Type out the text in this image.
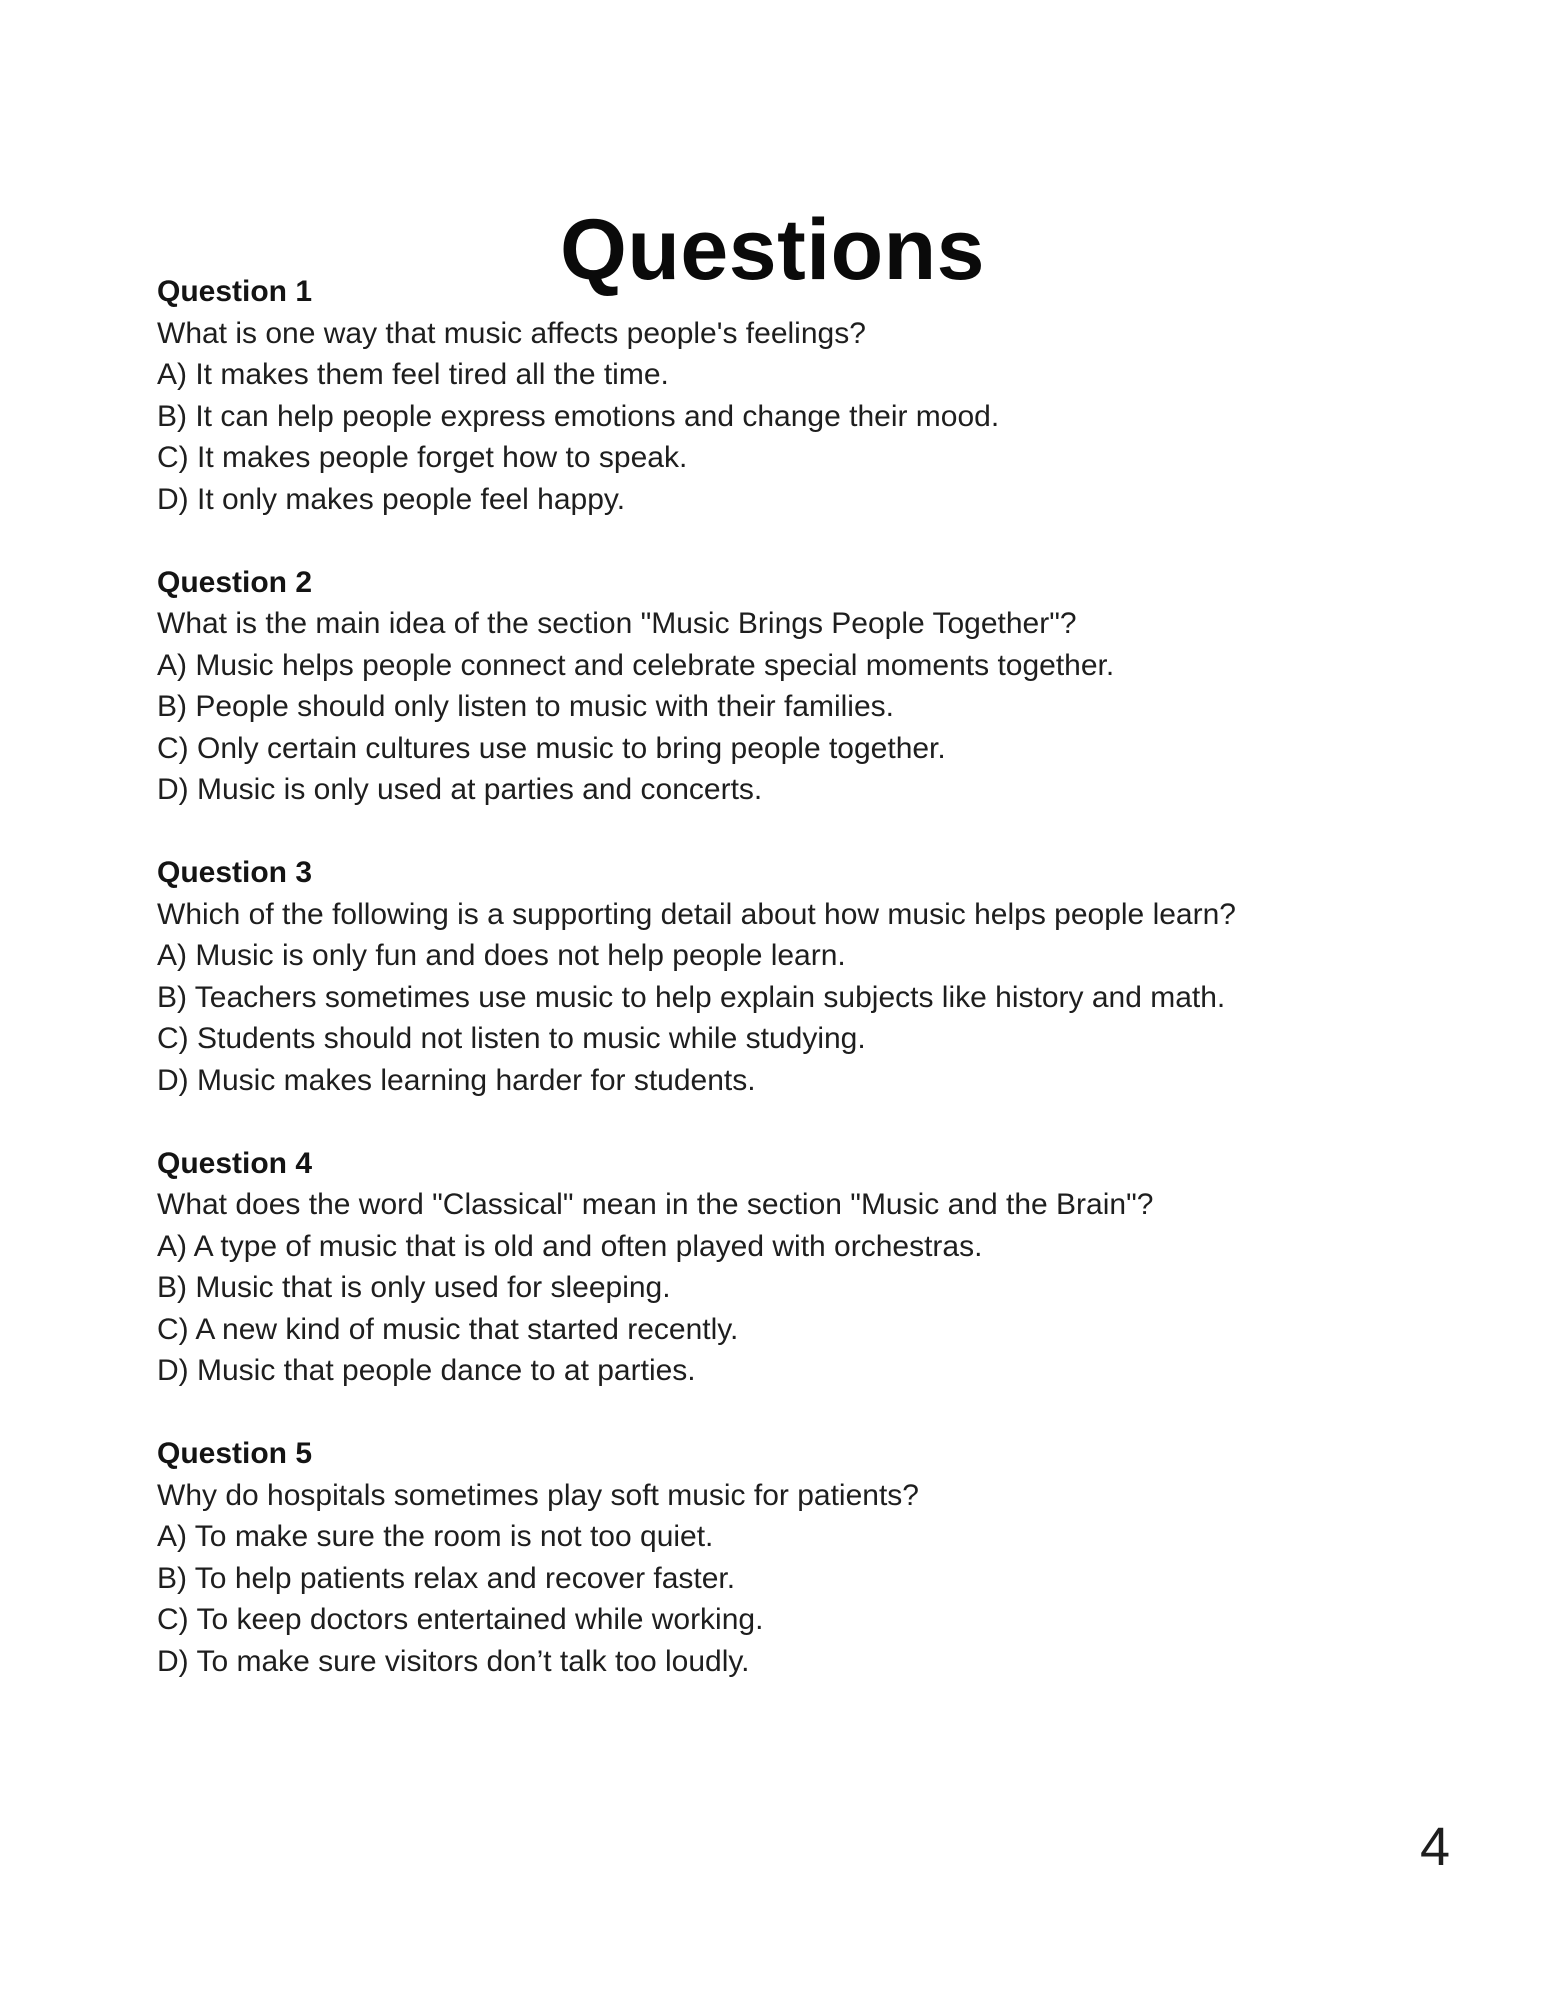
Questions
Question 1
What is one way that music affects people's feelings?
A) It makes them feel tired all the time.
B) It can help people express emotions and change their mood.
C) It makes people forget how to speak.
D) It only makes people feel happy.
Question 2
What is the main idea of the section "Music Brings People Together"?
A) Music helps people connect and celebrate special moments together.
B) People should only listen to music with their families.
C) Only certain cultures use music to bring people together.
D) Music is only used at parties and concerts.
Question 3
Which of the following is a supporting detail about how music helps people learn?
A) Music is only fun and does not help people learn.
B) Teachers sometimes use music to help explain subjects like history and math.
C) Students should not listen to music while studying.
D) Music makes learning harder for students.
Question 4
What does the word "Classical" mean in the section "Music and the Brain"?
A) A type of music that is old and often played with orchestras.
B) Music that is only used for sleeping.
C) A new kind of music that started recently.
D) Music that people dance to at parties.
Question 5
Why do hospitals sometimes play soft music for patients?
A) To make sure the room is not too quiet.
B) To help patients relax and recover faster.
C) To keep doctors entertained while working.
D) To make sure visitors don’t talk too loudly.
4
